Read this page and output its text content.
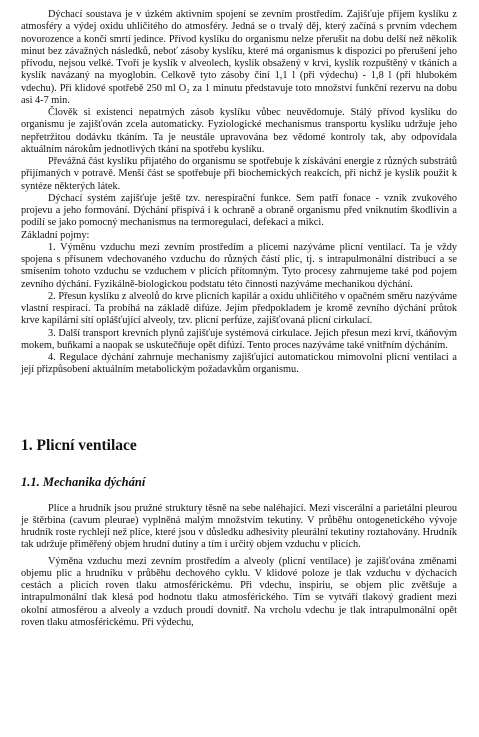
Dýchací soustava je v úzkém aktivním spojení se zevním prostředím. Zajišťuje příjem kyslíku z atmosféry a výdej oxidu uhličitého do atmosféry. Jedná se o trvalý děj, který začíná s prvním vdechem novorozence a končí smrtí jedince. Přívod kyslíku do organismu nelze přerušit na dobu delší než několik minut bez závažných následků, neboť zásoby kyslíku, které má organismus k dispozici po přerušení jeho přívodu, nejsou velké. Tvoří je kyslík v alveolech, kyslík obsažený v krvi, kyslík rozpuštěný v tkáních a kyslík navázaný na myoglobin. Celkově tyto zásoby činí 1,1 l (při výdechu) - 1,8 l (při hlubokém vdechu). Při klidové spotřebě 250 ml O₂ za 1 minutu představuje toto množství funkční rezervu na dobu asi 4-7 min.

Člověk si existenci nepatrných zásob kyslíku vůbec neuvědomuje. Stálý přívod kyslíku do organismu je zajišťován zcela automaticky. Fyziologické mechanismus transportu kyslíku udržuje jeho nepřetržitou dodávku tkáním. Ta je neustále upravována bez vědomé kontroly tak, aby odpovídala aktuálním nárokům jednotlivých tkání na spotřebu kyslíku.

Převážná část kyslíku přijatého do organismu se spotřebuje k získávání energie z různých substrátů přijímaných v potravě. Menší část se spotřebuje při biochemických reakcích, při nichž je kyslík použit k syntéze některých látek.

Dýchací systém zajišťuje ještě tzv. nerespirační funkce. Sem patří fonace - vznik zvukového projevu a jeho formování. Dýchání přispívá i k ochraně a obraně organismu před vniknutím škodlivin a podílí se jako pomocný mechanismus na termoregulaci, defekaci a mikci.

Základní pojmy:

1. Výměnu vzduchu mezi zevním prostředím a plícemi nazýváme plicní ventilací. Ta je vždy spojena s přísunem vdechovaného vzduchu do různých částí plic, tj. s intrapulmonální distribucí a se smísením tohoto vzduchu se vzduchem v plicích přítomným. Tyto procesy zahrnujeme také pod pojem zevního dýchání. Fyzikálně-biologickou podstatu této činnosti nazýváme mechanikou dýchání.

2. Přesun kyslíku z alveolů do krve plicních kapilár a oxidu uhličitého v opačném směru nazýváme vlastní respirací. Ta probíhá na základě difúze. Jejím předpokladem je kromě zevního dýchání průtok krve kapilární sítí oplášťující alveoly, tzv. plicní perfúze, zajišťovaná plicní cirkulací.

3. Další transport krevních plynů zajišťuje systémová cirkulace. Jejich přesun mezi krví, tkáňovým mokem, buňkami a naopak se uskutečňuje opět difúzí. Tento proces nazýváme také vnitřním dýcháním.

4. Regulace dýchání zahrnuje mechanismy zajišťující automatickou mimovolní plicní ventilaci a její přizpůsobení aktuálním metabolickým požadavkům organismu.

1. Plicní ventilace
1.1. Mechanika dýchání

Plíce a hrudník jsou pružné struktury těsně na sebe naléhající. Mezi viscerální a parietální pleurou je štěrbina (cavum pleurae) vyplněná malým množstvím tekutiny. V průběhu ontogenetického vývoje hrudník roste rychleji než plíce, které jsou v důsledku adhesivity pleurální tekutiny roztahovány. Hrudník tak udržuje přiměřený objem hrudní dutiny a tím i určitý objem vzduchu v plicích.

Výměna vzduchu mezi zevním prostředím a alveoly (plicní ventilace) je zajišťována změnami objemu plic a hrudníku v průběhu dechového cyklu. V klidové poloze je tlak vzduchu v dýchacích cestách a plicích roven tlaku atmosférickému. Při vdechu, inspiriu, se objem plic zvětšuje a intrapulmonální tlak klesá pod hodnotu tlaku atmosférického. Tím se vytváří tlakový gradient mezi okolní atmosférou a alveoly a vzduch proudí dovnitř. Na vrcholu vdechu je tlak intrapulmonální opět roven tlaku atmosférickému. Při výdechu,
